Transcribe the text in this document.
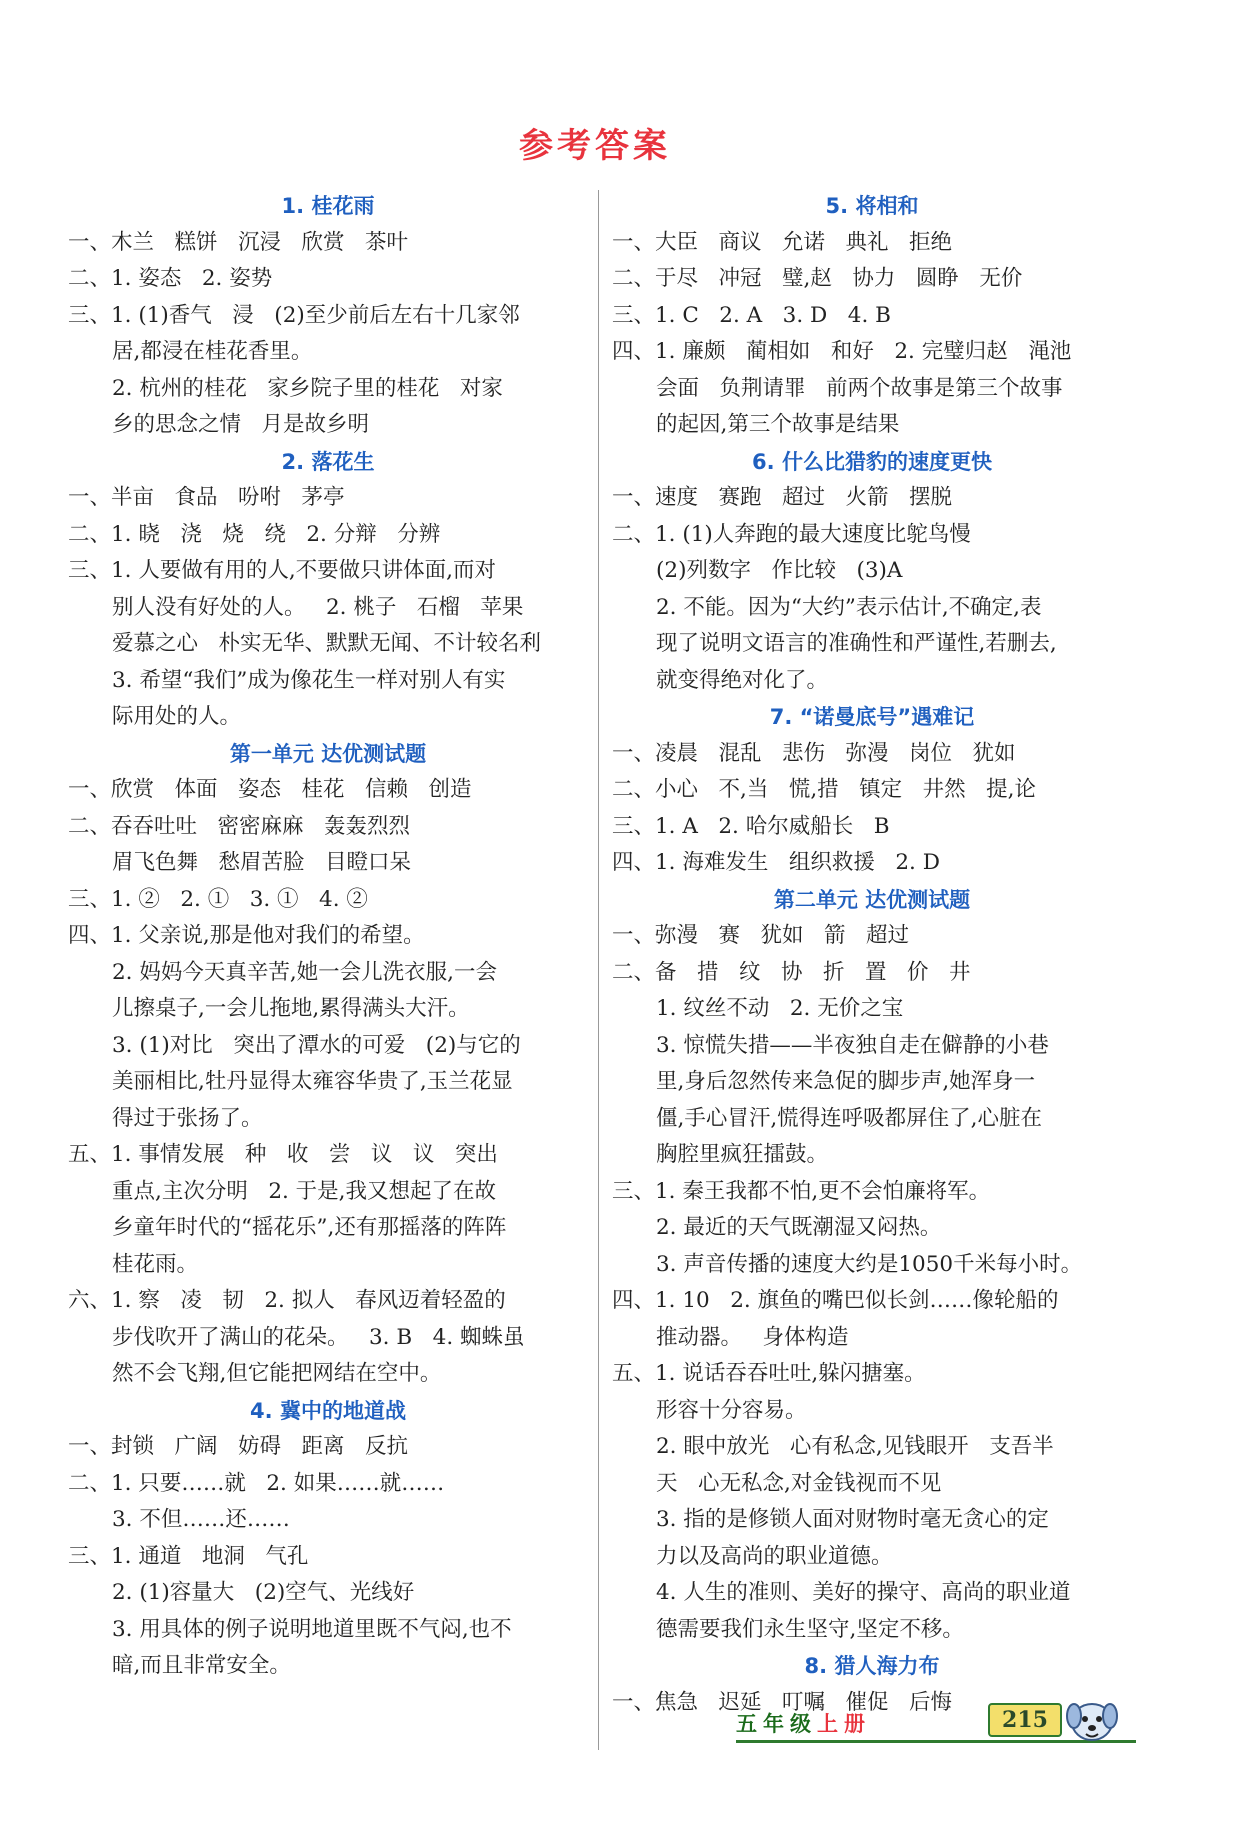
参考答案
1. 桂花雨
一、木兰   糕饼   沉浸   欣赏   茶叶
二、1. 姿态   2. 姿势
三、1. (1)香气   浸   (2)至少前后左右十几家邻
居,都浸在桂花香里。
2. 杭州的桂花   家乡院子里的桂花   对家
乡的思念之情   月是故乡明
2. 落花生
一、半亩   食品   吩咐   茅亭
二、1. 晓   浇   烧   绕   2. 分辩   分辨
三、1. 人要做有用的人,不要做只讲体面,而对
别人没有好处的人。   2. 桃子   石榴   苹果
爱慕之心   朴实无华、默默无闻、不计较名利
3. 希望“我们”成为像花生一样对别人有实
际用处的人。
第一单元 达优测试题
一、欣赏   体面   姿态   桂花   信赖   创造
二、吞吞吐吐   密密麻麻   轰轰烈烈
眉飞色舞   愁眉苦脸   目瞪口呆
三、1. ②   2. ①   3. ①   4. ②
四、1. 父亲说,那是他对我们的希望。
2. 妈妈今天真辛苦,她一会儿洗衣服,一会
儿擦桌子,一会儿拖地,累得满头大汗。
3. (1)对比   突出了潭水的可爱   (2)与它的
美丽相比,牡丹显得太雍容华贵了,玉兰花显
得过于张扬了。
五、1. 事情发展   种   收   尝   议   议   突出
重点,主次分明   2. 于是,我又想起了在故
乡童年时代的“摇花乐”,还有那摇落的阵阵
桂花雨。
六、1. 察   凌   韧   2. 拟人   春风迈着轻盈的
步伐吹开了满山的花朵。   3. B   4. 蜘蛛虽
然不会飞翔,但它能把网结在空中。
4. 冀中的地道战
一、封锁   广阔   妨碍   距离   反抗
二、1. 只要……就   2. 如果……就……
3. 不但……还……
三、1. 通道   地洞   气孔
2. (1)容量大   (2)空气、光线好
3. 用具体的例子说明地道里既不气闷,也不
暗,而且非常安全。
5. 将相和
一、大臣   商议   允诺   典礼   拒绝
二、于尽   冲冠   璧,赵   协力   圆睁   无价
三、1. C   2. A   3. D   4. B
四、1. 廉颇   蔺相如   和好   2. 完璧归赵   渑池
会面   负荆请罪   前两个故事是第三个故事
的起因,第三个故事是结果
6. 什么比猎豹的速度更快
一、速度   赛跑   超过   火箭   摆脱
二、1. (1)人奔跑的最大速度比鸵鸟慢
(2)列数字   作比较   (3)A
2. 不能。因为“大约”表示估计,不确定,表
现了说明文语言的准确性和严谨性,若删去,
就变得绝对化了。
7. “诺曼底号”遇难记
一、凌晨   混乱   悲伤   弥漫   岗位   犹如
二、小心   不,当   慌,措   镇定   井然   提,论
三、1. A   2. 哈尔威船长   B
四、1. 海难发生   组织救援   2. D
第二单元 达优测试题
一、弥漫   赛   犹如   箭   超过
二、备   措   纹   协   折   置   价   井
1. 纹丝不动   2. 无价之宝
3. 惊慌失措——半夜独自走在僻静的小巷
里,身后忽然传来急促的脚步声,她浑身一
僵,手心冒汗,慌得连呼吸都屏住了,心脏在
胸腔里疯狂擂鼓。
三、1. 秦王我都不怕,更不会怕廉将军。
2. 最近的天气既潮湿又闷热。
3. 声音传播的速度大约是1050千米每小时。
四、1. 10   2. 旗鱼的嘴巴似长剑……像轮船的
推动器。   身体构造
五、1. 说话吞吞吐吐,躲闪搪塞。
形容十分容易。
2. 眼中放光   心有私念,见钱眼开   支吾半
天   心无私念,对金钱视而不见
3. 指的是修锁人面对财物时毫无贪心的定
力以及高尚的职业道德。
4. 人生的准则、美好的操守、高尚的职业道
德需要我们永生坚守,坚定不移。
8. 猎人海力布
一、焦急   迟延   叮嘱   催促   后悔
五年级上册	215
